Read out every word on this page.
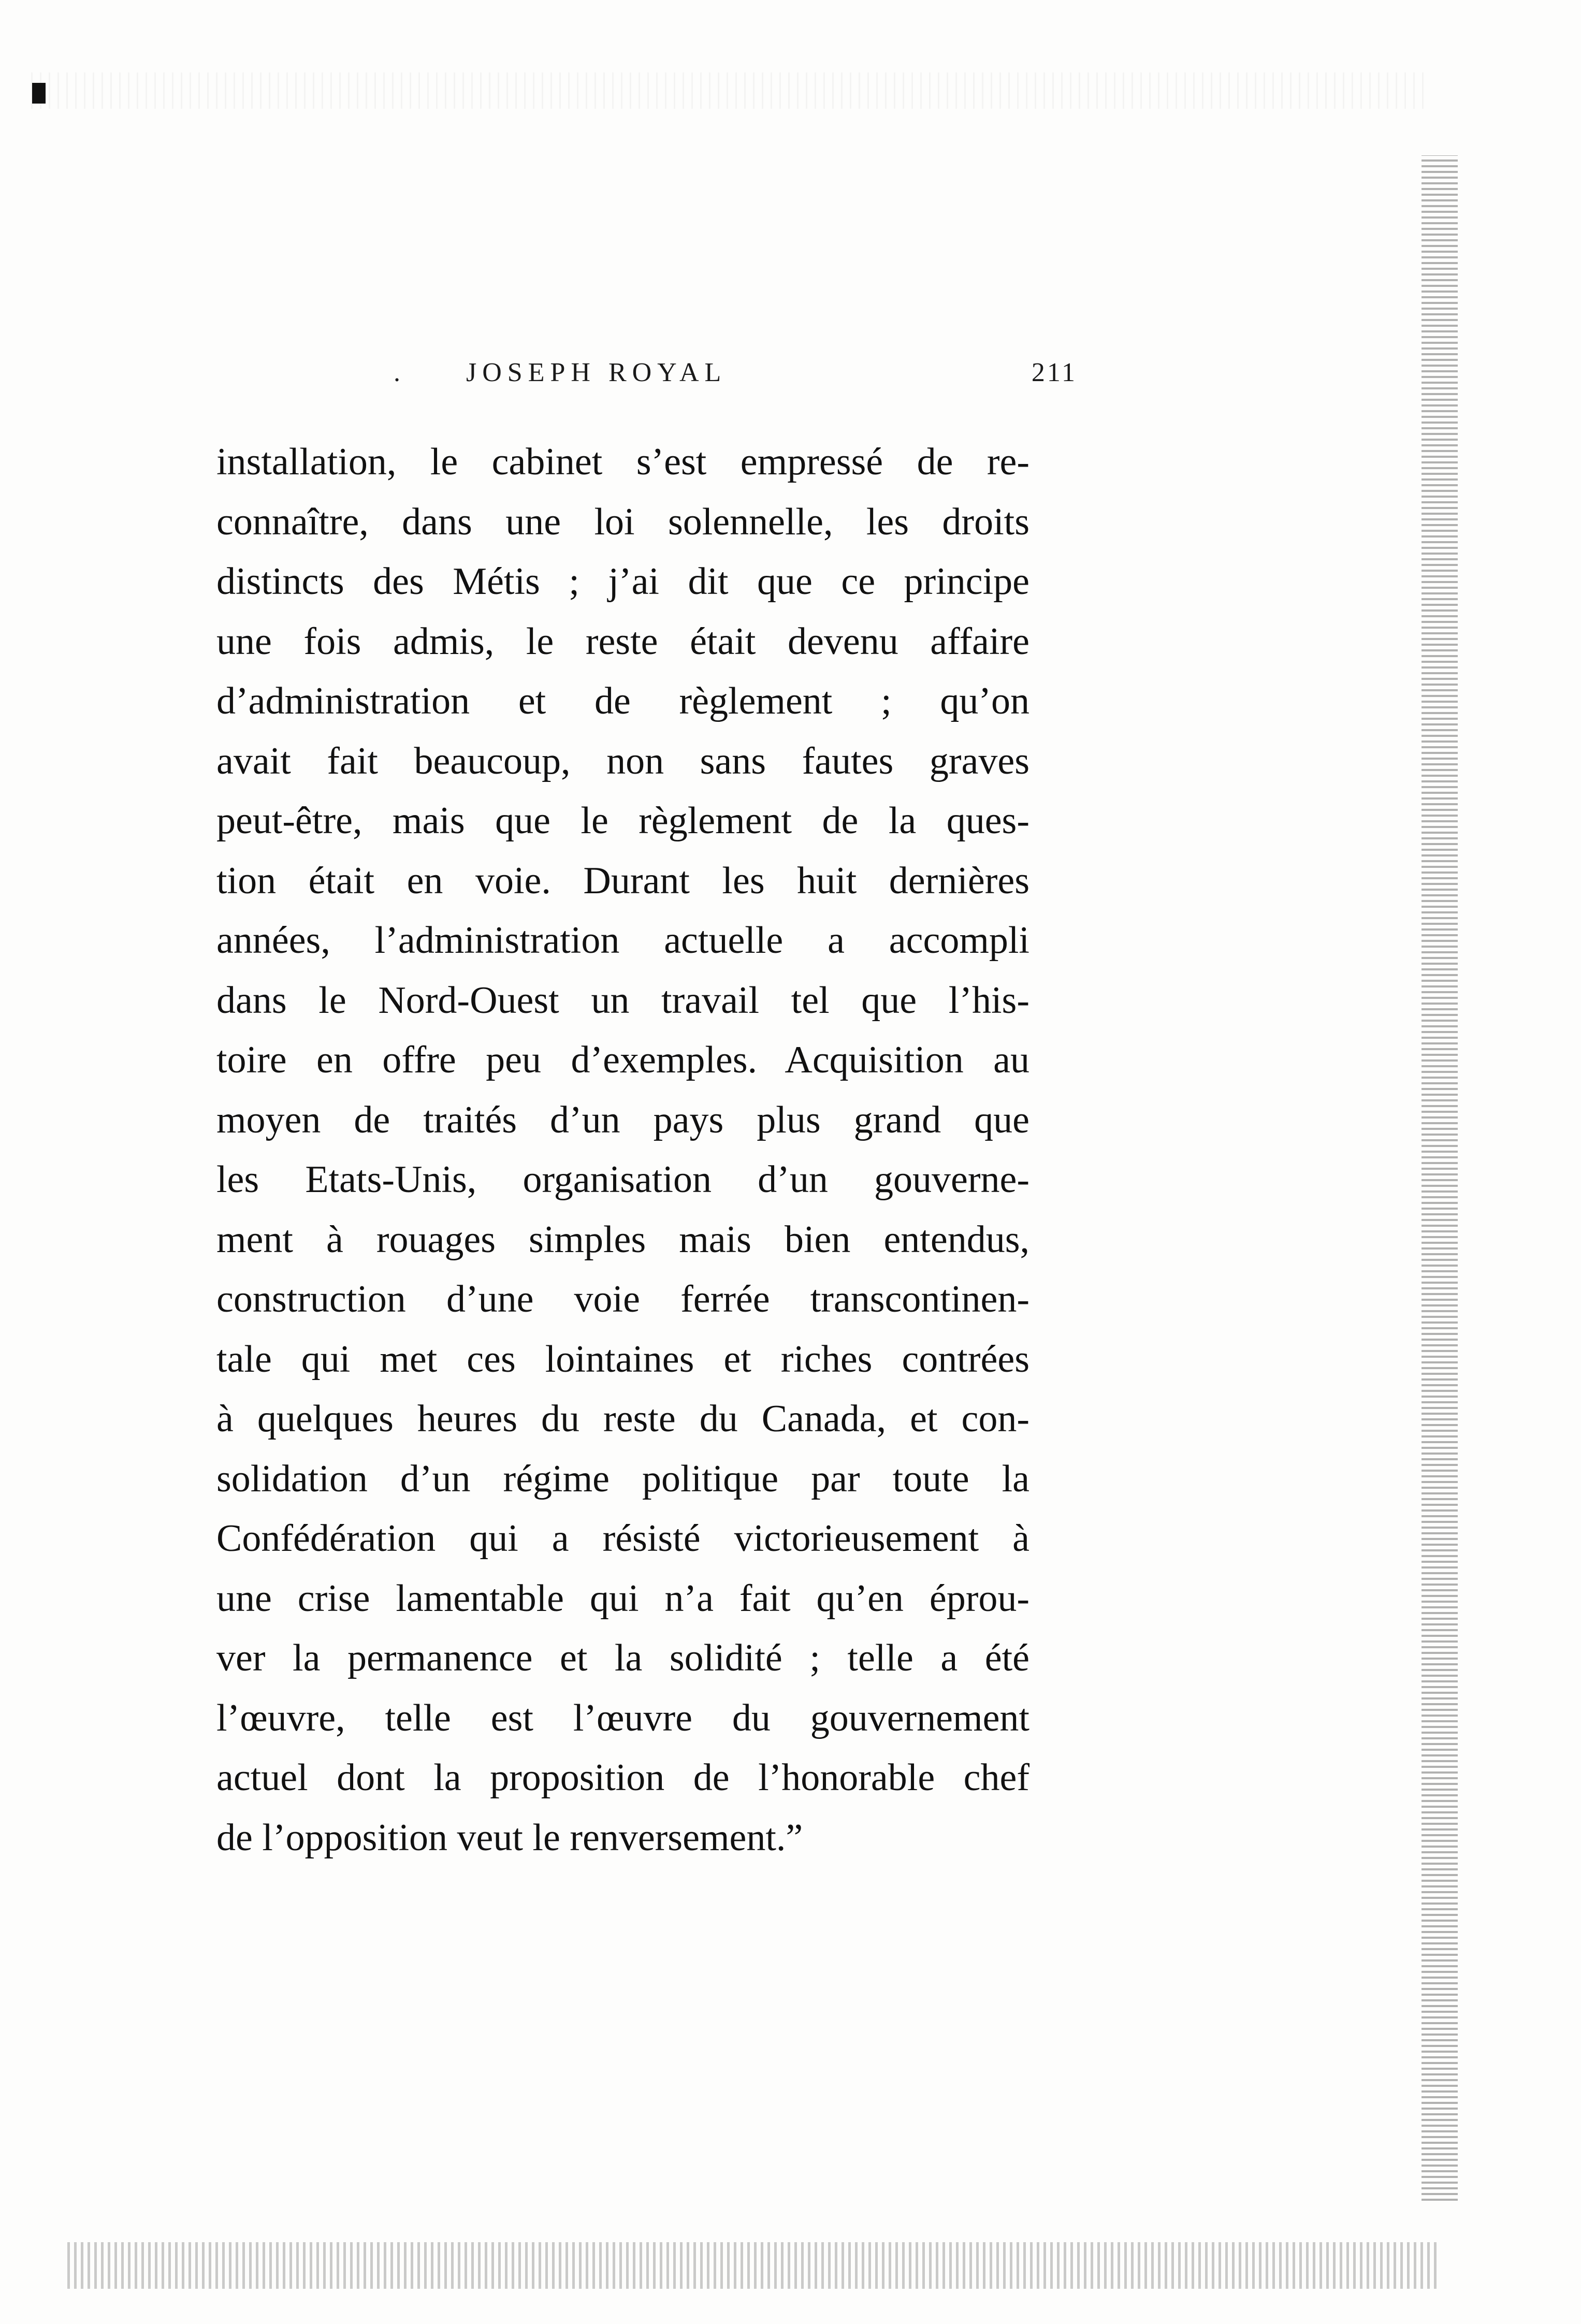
. JOSEPH ROYAL	211
installation, le cabinet s’est empressé de re-
connaître, dans une loi solennelle, les droits
distincts des Métis ; j’ai dit que ce principe
une fois admis, le reste était devenu affaire
d’administration et de règlement ; qu’on
avait fait beaucoup, non sans fautes graves
peut-être, mais que le règlement de la ques-
tion était en voie. Durant les huit dernières
années, l’administration actuelle a accompli
dans le Nord-Ouest un travail tel que l’his-
toire en offre peu d’exemples. Acquisition au
moyen de traités d’un pays plus grand que
les Etats-Unis, organisation d’un gouverne-
ment à rouages simples mais bien entendus,
construction d’une voie ferrée transcontinen-
tale qui met ces lointaines et riches contrées
à quelques heures du reste du Canada, et con-
solidation d’un régime politique par toute la
Confédération qui a résisté victorieusement à
une crise lamentable qui n’a fait qu’en éprou-
ver la permanence et la solidité ; telle a été
l’œuvre, telle est l’œuvre du gouvernement
actuel dont la proposition de l’honorable chef
de l’opposition veut le renversement.”
